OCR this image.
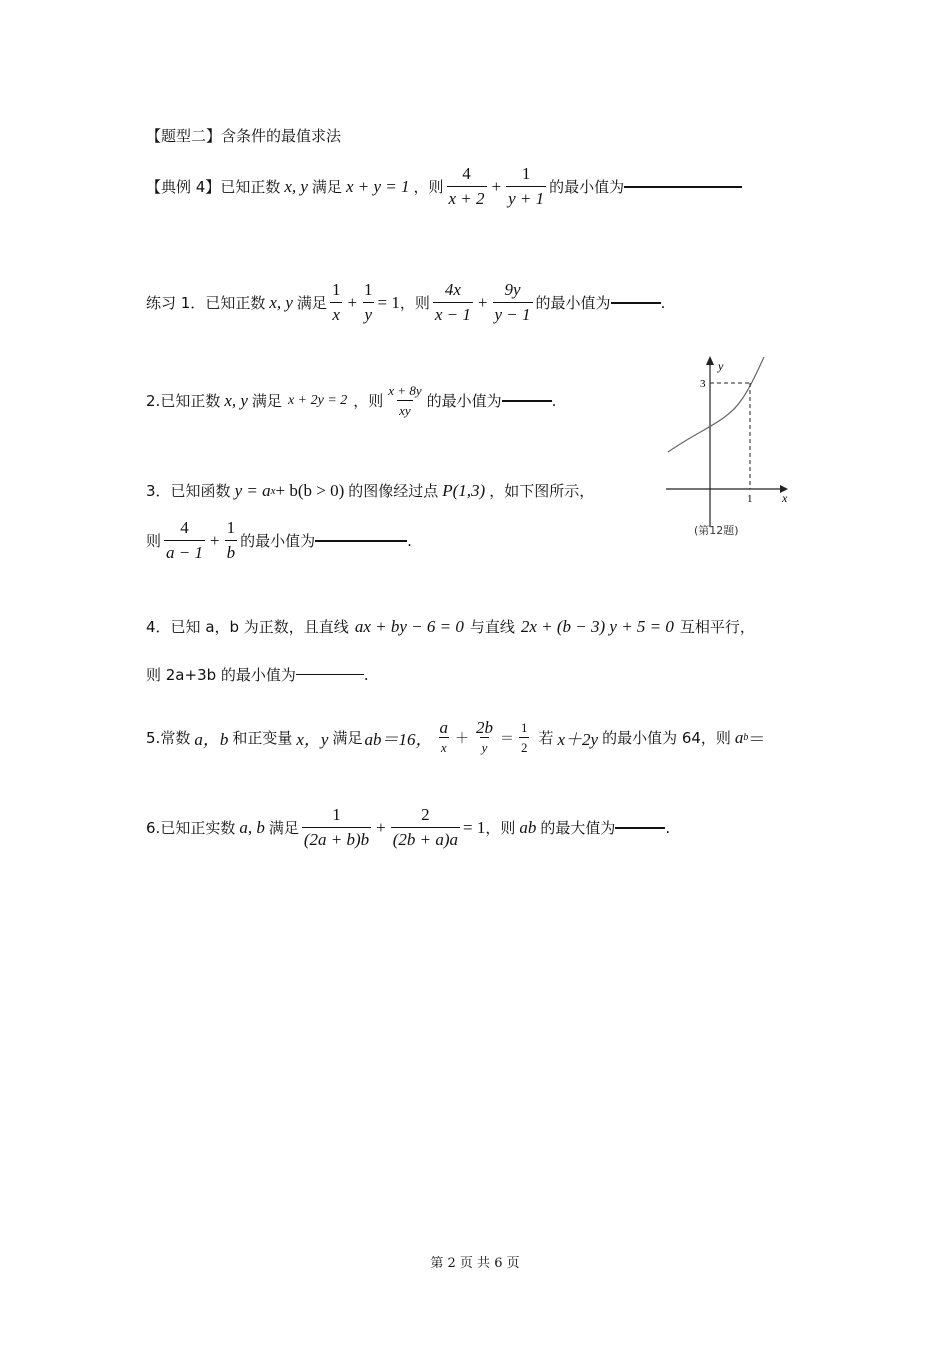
【题型二】含条件的最值求法
【典例 4】 已知正数 x, y 满足 x + y = 1 ，则 $\frac{4}{x + 2} + \frac{1}{y + 1}$ 的最小值为
练习 1． 已知正数 x, y 满足 $\frac{1}{x} + \frac{1}{y} = 1$ ，则 $\frac{4x}{x - 1} + \frac{9y}{y - 1}$ 的最小值为	.
2. 已知正数 x, y 满足 x + 2y = 2 ，则 $\frac{x + 8y}{xy}$ 的最小值为	.
3． 已知函数 y = a x + b(b > 0) 的图像经过点 P(1,3) ，如下图所示，
则 $\frac{4}{a - 1} + \frac{1}{b}$ 的最小值为	.
y
x
3
1
(第12题)
4． 已知 a，b 为正数，且直线 ax + by − 6 = 0 与直线 2x + (b − 3) y + 5 = 0 互相平行，
则 2a+3b 的最小值为	.
5. 常数 a，b 和正变量 x，y 满足 ab＝16， $\frac{a}{x} + \frac{2b}{y} = \frac{1}{2}$ 若 x＋2y 的最小值为 64，则 a b ＝
6. 已知正实数 a, b 满足 $\frac{1}{(2a + b)b} + \frac{2}{(2b + a)a} = 1$ ，则 ab 的最大值为	.
第 2 页 共 6 页
